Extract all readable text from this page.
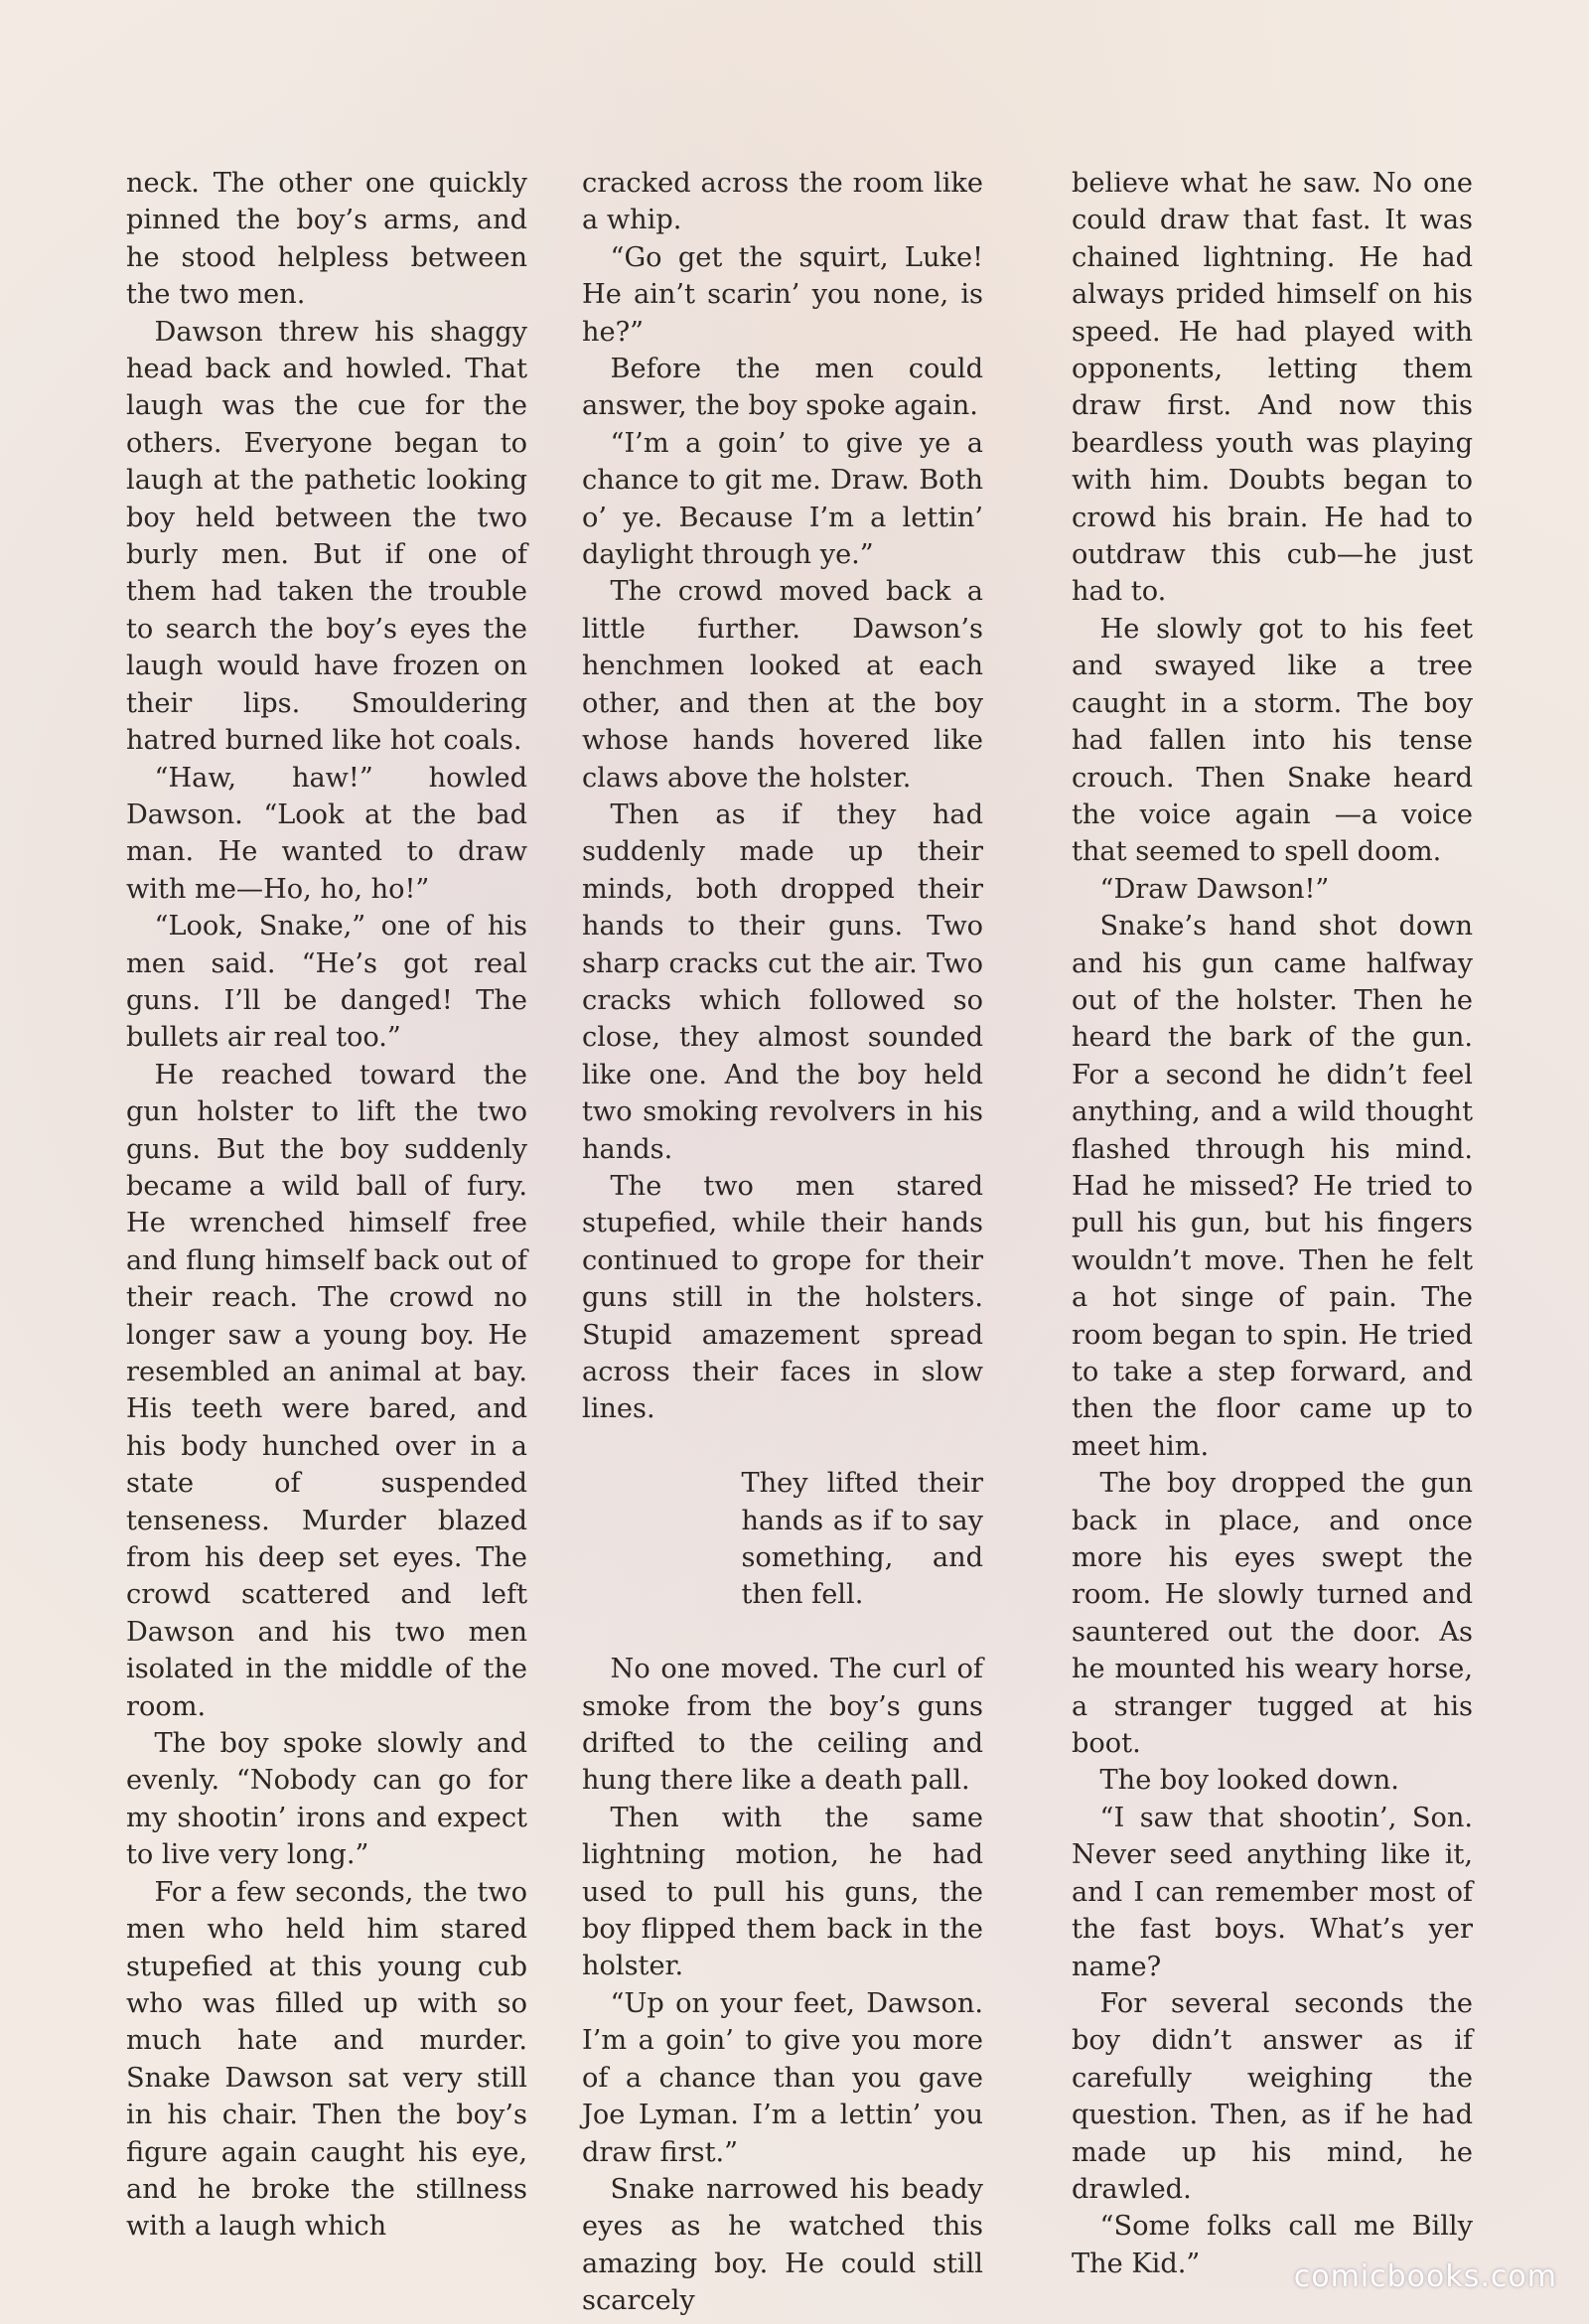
neck. The other one quickly pinned the boy’s arms, and he stood helpless between the two men.

Dawson threw his shaggy head back and howled. That laugh was the cue for the others. Everyone began to laugh at the pathetic looking boy held between the two burly men. But if one of them had taken the trouble to search the boy’s eyes the laugh would have frozen on their lips. Smouldering hatred burned like hot coals.

“Haw, haw!” howled Dawson. “Look at the bad man. He wanted to draw with me—Ho, ho, ho!”

“Look, Snake,” one of his men said. “He’s got real guns. I’ll be danged! The bullets air real too.”

He reached toward the gun holster to lift the two guns. But the boy suddenly became a wild ball of fury. He wrenched himself free and flung himself back out of their reach. The crowd no longer saw a young boy. He resembled an animal at bay. His teeth were bared, and his body hunched over in a state of suspended tenseness. Murder blazed from his deep set eyes. The crowd scattered and left Dawson and his two men isolated in the middle of the room.

The boy spoke slowly and evenly. “Nobody can go for my shootin’ irons and expect to live very long.”

For a few seconds, the two men who held him stared stupefied at this young cub who was filled up with so much hate and murder. Snake Dawson sat very still in his chair. Then the boy’s figure again caught his eye, and he broke the stillness with a laugh which

cracked across the room like a whip.

“Go get the squirt, Luke! He ain’t scarin’ you none, is he?”

Before the men could answer, the boy spoke again.

“I’m a goin’ to give ye a chance to git me. Draw. Both o’ ye. Because I’m a lettin’ daylight through ye.”

The crowd moved back a little further. Dawson’s henchmen looked at each other, and then at the boy whose hands hovered like claws above the holster.

Then as if they had suddenly made up their minds, both dropped their hands to their guns. Two sharp cracks cut the air. Two cracks which followed so close, they almost sounded like one. And the boy held two smoking revolvers in his hands.

The two men stared stupefied, while their hands continued to grope for their guns still in the holsters. Stupid amazement spread across their faces in slow lines.

They lifted their hands as if to say something, and then fell.

No one moved. The curl of smoke from the boy’s guns drifted to the ceiling and hung there like a death pall.

Then with the same lightning motion, he had used to pull his guns, the boy flipped them back in the holster.

“Up on your feet, Dawson. I’m a goin’ to give you more of a chance than you gave Joe Lyman. I’m a lettin’ you draw first.”

Snake narrowed his beady eyes as he watched this amazing boy. He could still scarcely

believe what he saw. No one could draw that fast. It was chained lightning. He had always prided himself on his speed. He had played with opponents, letting them draw first. And now this beardless youth was playing with him. Doubts began to crowd his brain. He had to outdraw this cub—he just had to.

He slowly got to his feet and swayed like a tree caught in a storm. The boy had fallen into his tense crouch. Then Snake heard the voice again —a voice that seemed to spell doom.

“Draw Dawson!”

Snake’s hand shot down and his gun came halfway out of the holster. Then he heard the bark of the gun. For a second he didn’t feel anything, and a wild thought flashed through his mind. Had he missed? He tried to pull his gun, but his fingers wouldn’t move. Then he felt a hot singe of pain. The room began to spin. He tried to take a step forward, and then the floor came up to meet him.

The boy dropped the gun back in place, and once more his eyes swept the room. He slowly turned and sauntered out the door. As he mounted his weary horse, a stranger tugged at his boot.

The boy looked down.

“I saw that shootin’, Son. Never seed anything like it, and I can remember most of the fast boys. What’s yer name?

For several seconds the boy didn’t answer as if carefully weighing the question. Then, as if he had made up his mind, he drawled.

“Some folks call me Billy The Kid.”	comicbooks.com
